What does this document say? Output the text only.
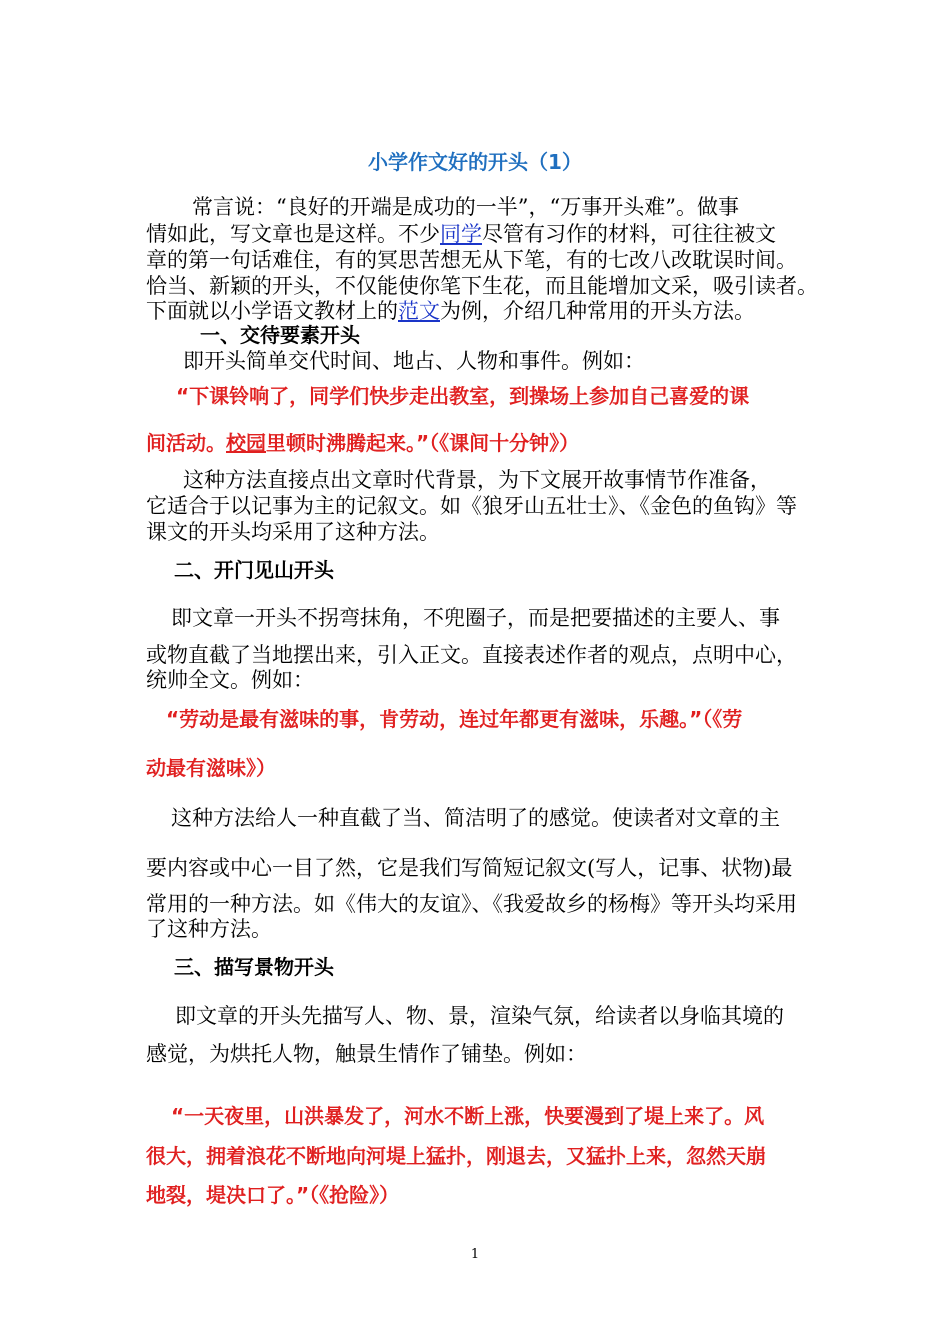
小学作文好的开头（1）
常言说：“良好的开端是成功的一半”，“万事开头难”。做事
情如此，写文章也是这样。不少同学尽管有习作的材料，可往往被文
章的第一句话难住，有的冥思苦想无从下笔，有的七改八改耽误时间。
恰当、新颖的开头，不仅能使你笔下生花，而且能增加文采，吸引读者。
下面就以小学语文教材上的范文为例，介绍几种常用的开头方法。
一、交待要素开头
即开头简单交代时间、地占、人物和事件。例如：
“下课铃响了，同学们快步走出教室，到操场上参加自己喜爱的课
间活动。校园里顿时沸腾起来。”（《课间十分钟》）
这种方法直接点出文章时代背景，为下文展开故事情节作准备，
它适合于以记事为主的记叙文。如《狼牙山五壮士》、《金色的鱼钩》等
课文的开头均采用了这种方法。
二、开门见山开头
即文章一开头不拐弯抹角，不兜圈子，而是把要描述的主要人、事
或物直截了当地摆出来，引入正文。直接表述作者的观点，点明中心，
统帅全文。例如：
“劳动是最有滋味的事，肯劳动，连过年都更有滋味，乐趣。”（《劳
动最有滋味》）
这种方法给人一种直截了当、简洁明了的感觉。使读者对文章的主
要内容或中心一目了然，它是我们写简短记叙文(写人，记事、状物)最
常用的一种方法。如《伟大的友谊》、《我爱故乡的杨梅》等开头均采用
了这种方法。
三、描写景物开头
即文章的开头先描写人、物、景，渲染气氛，给读者以身临其境的
感觉，为烘托人物，触景生情作了铺垫。例如：
“一天夜里，山洪暴发了，河水不断上涨，快要漫到了堤上来了。风
很大，拥着浪花不断地向河堤上猛扑，刚退去，又猛扑上来，忽然天崩
地裂，堤决口了。”（《抢险》）
1
